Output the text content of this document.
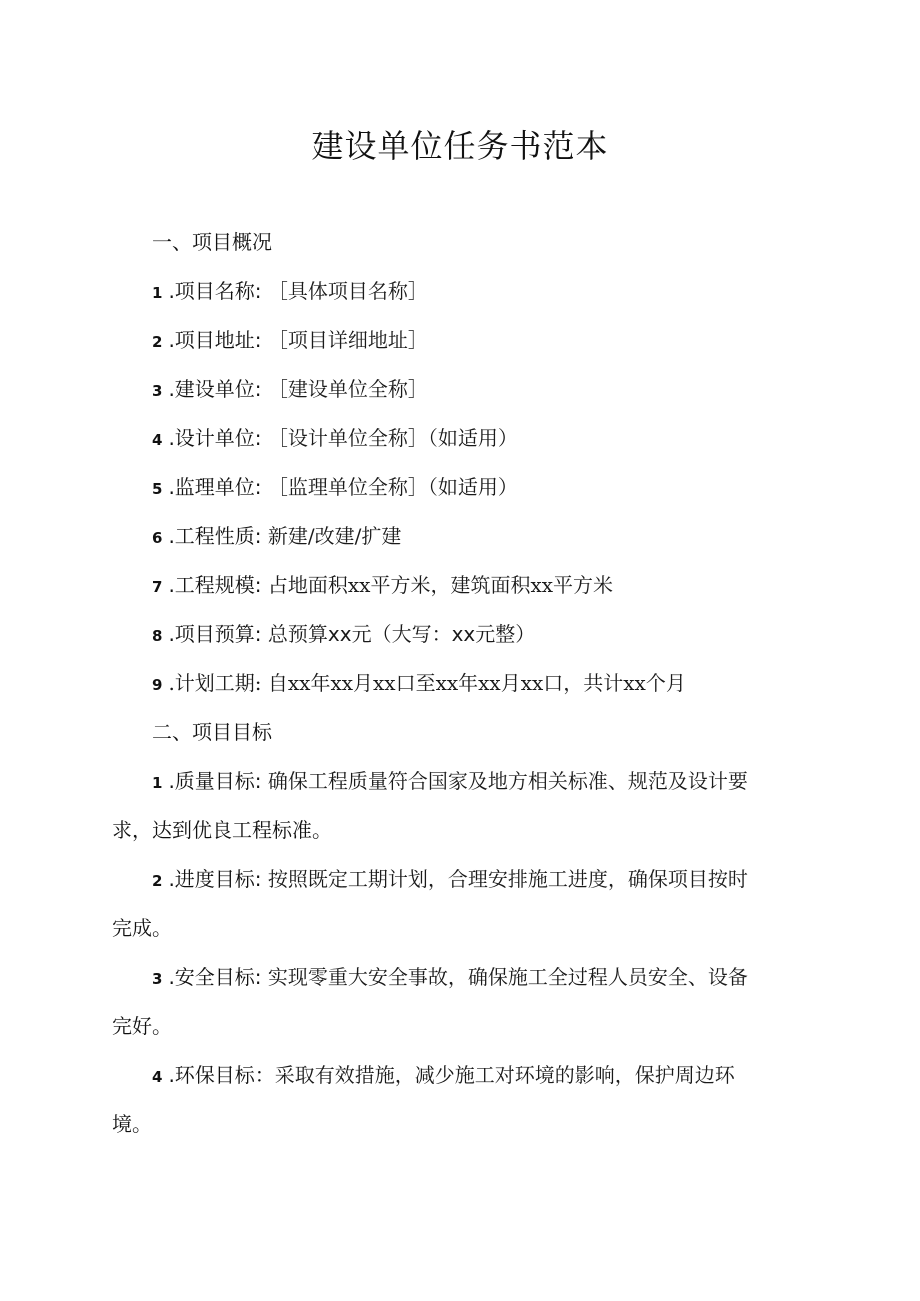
建设单位任务书范本
一、项目概况
1 .项目名称: ［具体项目名称］
2 .项目地址: ［项目详细地址］
3 .建设单位: ［建设单位全称］
4 .设计单位: ［设计单位全称］（如适用）
5 .监理单位: ［监理单位全称］（如适用）
6 .工程性质: 新建/改建/扩建
7 .工程规模: 占地面积xx平方米，建筑面积xx平方米
8 .项目预算: 总预算xx元（大写：xx元整）
9 .计划工期: 自xx年xx月xx口至xx年xx月xx口，共计xx个月
二、项目目标
1 .质量目标: 确保工程质量符合国家及地方相关标准、规范及设计要
求，达到优良工程标准。
2 .进度目标: 按照既定工期计划，合理安排施工进度，确保项目按时
完成。
3 .安全目标: 实现零重大安全事故，确保施工全过程人员安全、设备
完好。
4 .环保目标：采取有效措施，减少施工对环境的影响，保护周边环
境。
